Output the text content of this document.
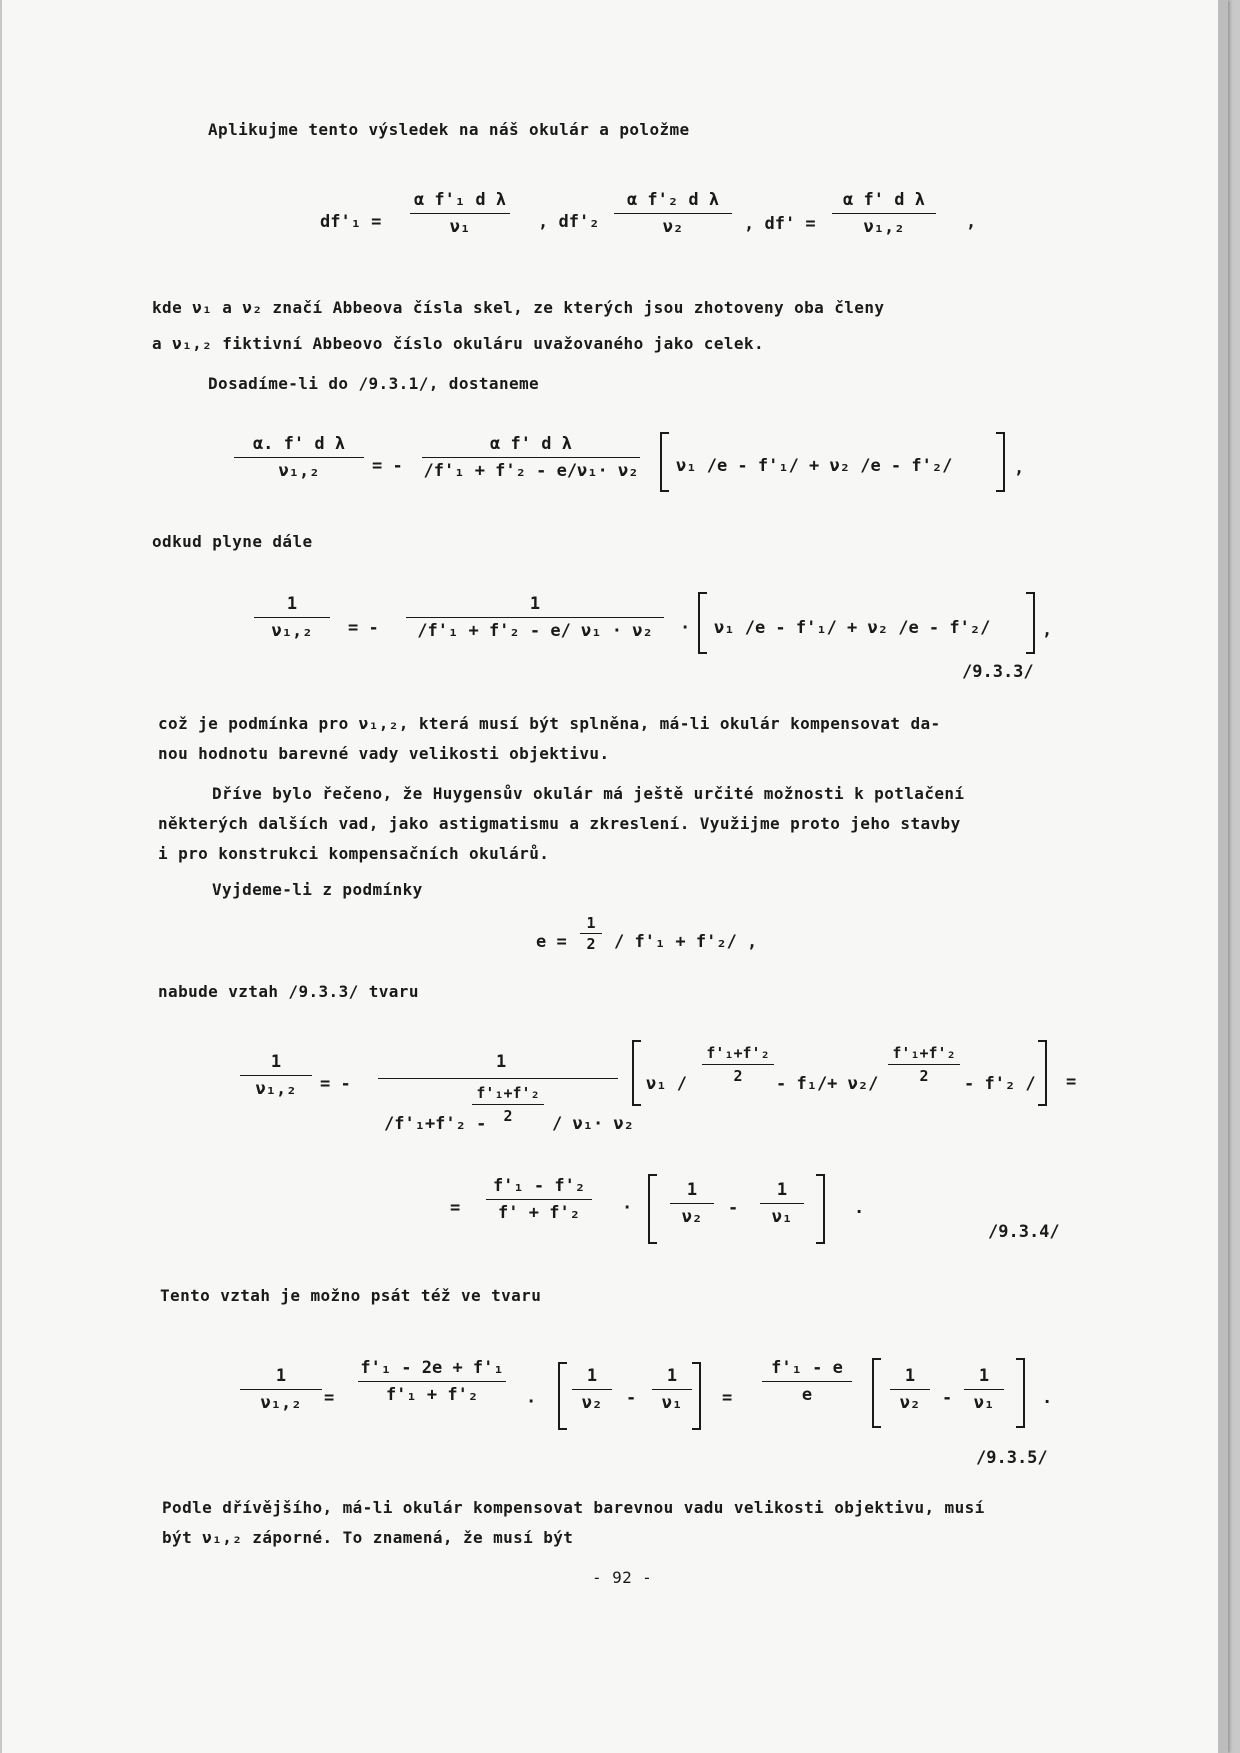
Aplikujme tento výsledek na náš okulár a položme
df'₁ =
α f'₁ d λ
ν₁	, df'₂
α f'₂ d λ
ν₂	, df' =
α f' d λ
ν₁,₂	,
kde ν₁ a ν₂ značí Abbeova čísla skel, ze kterých jsou zhotoveny oba členy
a ν₁,₂ fiktivní Abbeovo číslo okuláru uvažovaného jako celek.
Dosadíme-li do /9.3.1/, dostaneme
α. f' d λ
ν₁,₂	= -
α f' d λ
/f'₁ + f'₂ - e/ν₁· ν₂ ν₁ /e - f'₁/ + ν₂ /e - f'₂/	,
odkud plyne dále
1
ν₁,₂	= -
1
/f'₁ + f'₂ - e/ ν₁ · ν₂	· ν₁ /e - f'₁/ + ν₂ /e - f'₂/	,
/9.3.3/
což je podmínka pro ν₁,₂, která musí být splněna, má-li okulár kompensovat da-
nou hodnotu barevné vady velikosti objektivu.
Dříve bylo řečeno, že Huygensův okulár má ještě určité možnosti k potlačení
některých dalších vad, jako astigmatismu a zkreslení. Využijme proto jeho stavby
i pro konstrukci kompensačních okulárů.
Vyjdeme-li z podmínky
e =
1
2	/ f'₁ + f'₂/ ,
nabude vztah /9.3.3/ tvaru
1
ν₁,₂	= -
1
/f'₁+f'₂ -
f'₁+f'₂
2	/ ν₁· ν₂
ν₁ /
f'₁+f'₂
2	- f₁/+ ν₂/
f'₁+f'₂
2	- f'₂ / =
=
f'₁ - f'₂
f' + f'₂	·
1
ν₂	-
1
ν₁	.
/9.3.4/
Tento vztah je možno psát též ve tvaru
1
ν₁,₂	=
f'₁ - 2e + f'₁
f'₁ + f'₂	·
1
ν₂	-
1
ν₁	=
f'₁ - e
e
1
ν₂	-
1
ν₁	.
/9.3.5/
Podle dřívějšího, má-li okulár kompensovat barevnou vadu velikosti objektivu, musí
být ν₁,₂ záporné. To znamená, že musí být
- 92 -
